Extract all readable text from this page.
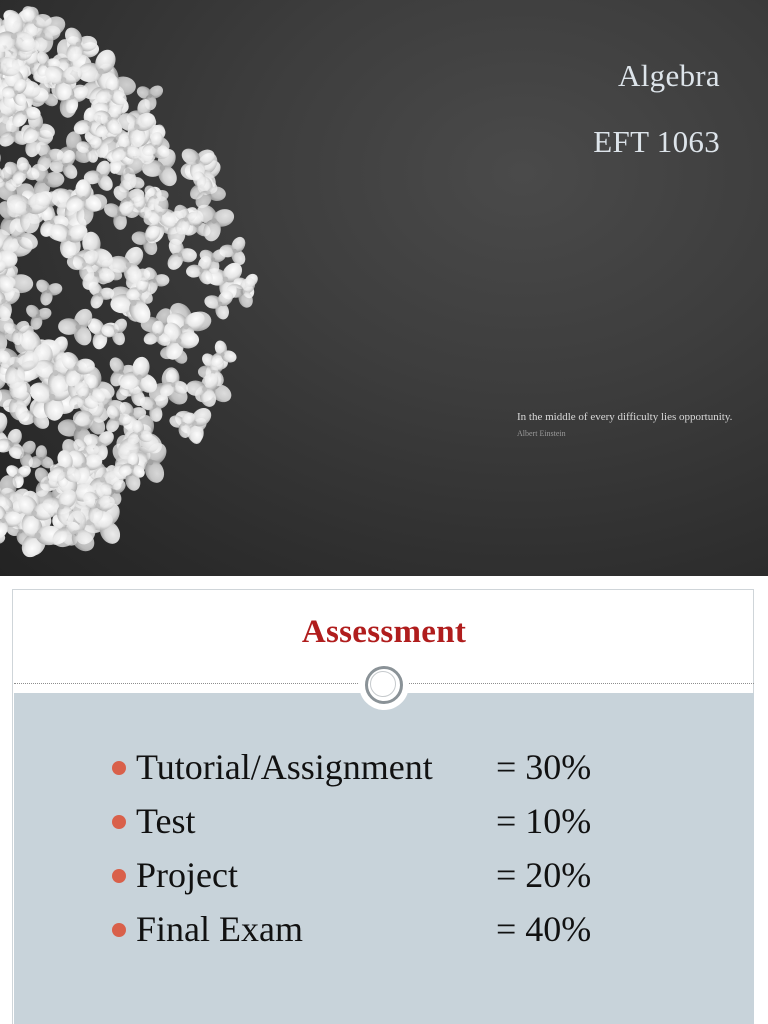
Algebra
EFT 1063

In the middle of every difficulty lies opportunity.

Albert Einstein

Assessment
Tutorial/Assignment = 30%
Test	= 10%
Project	= 20%
Final Exam	= 40%
